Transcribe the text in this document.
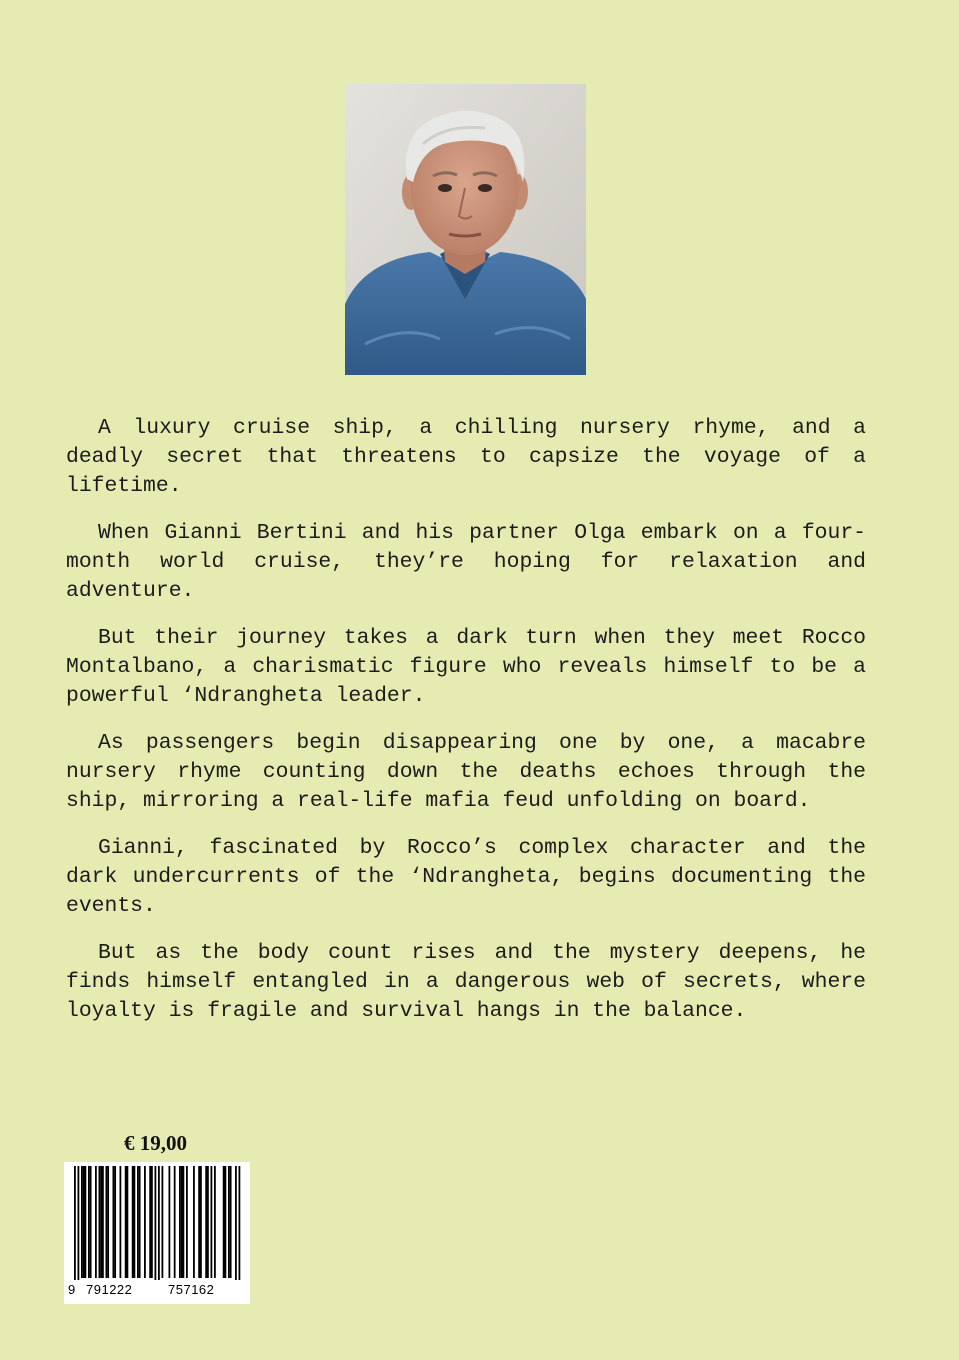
A luxury cruise ship, a chilling nursery rhyme, and a deadly secret that threatens to capsize the voyage of a lifetime.

When Gianni Bertini and his partner Olga embark on a four-month world cruise, they’re hoping for relaxation and adventure.

But their journey takes a dark turn when they meet Rocco Montalbano, a charismatic figure who reveals himself to be a powerful ‘Ndrangheta leader.

As passengers begin disappearing one by one, a macabre nursery rhyme counting down the deaths echoes through the ship, mirroring a real-life mafia feud unfolding on board.

Gianni, fascinated by Rocco’s complex character and the dark undercurrents of the ‘Ndrangheta, begins documenting the events.

But as the body count rises and the mystery deepens, he finds himself entangled in a dangerous web of secrets, where loyalty is fragile and survival hangs in the balance.

€ 19,00
9 791222	757162
